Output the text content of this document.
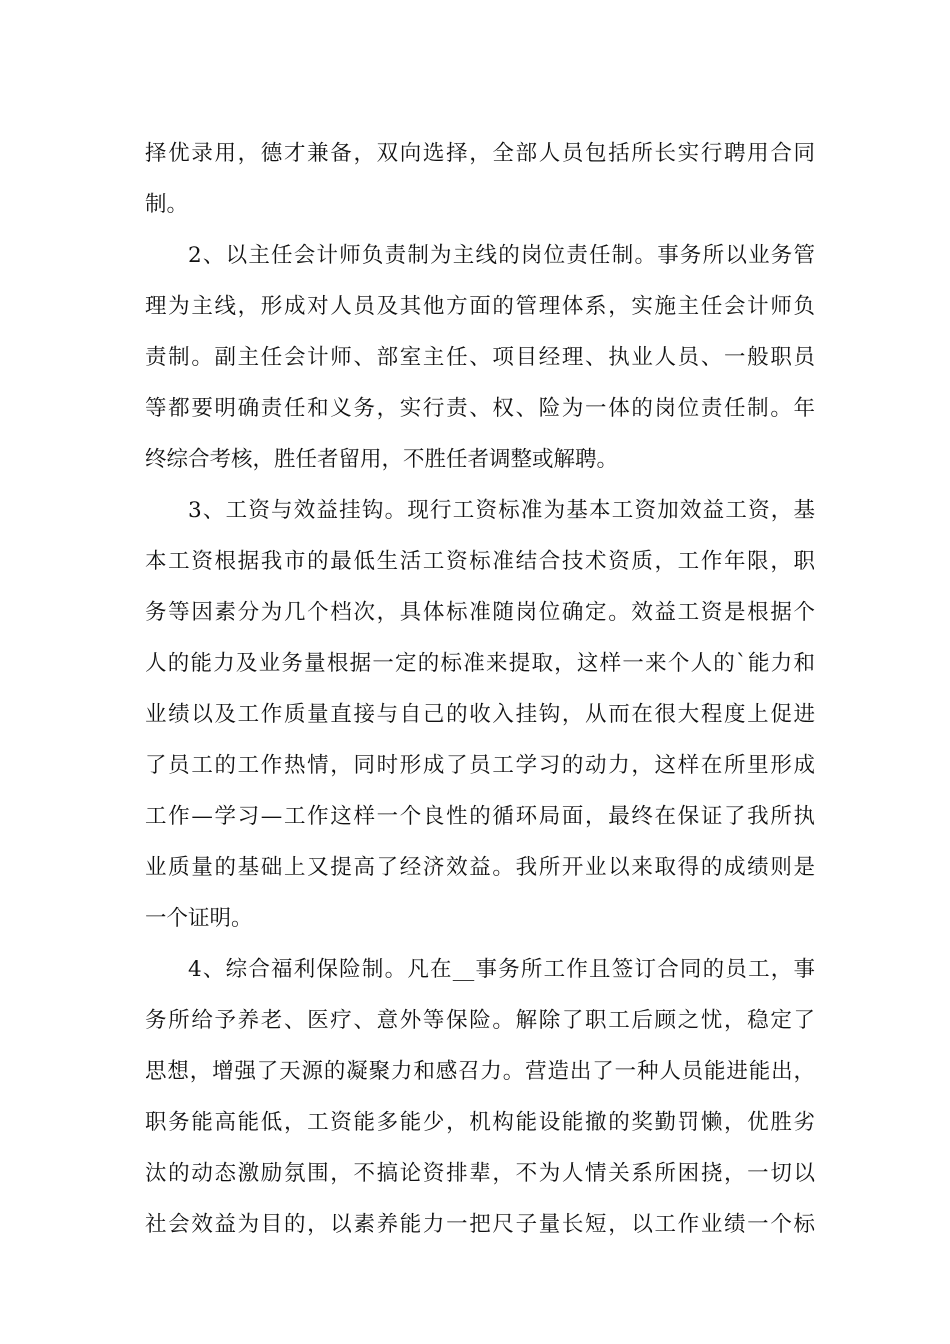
择优录用，德才兼备，双向选择，全部人员包括所长实行聘用合同
制。
2、以主任会计师负责制为主线的岗位责任制。事务所以业务管
理为主线，形成对人员及其他方面的管理体系，实施主任会计师负
责制。副主任会计师、部室主任、项目经理、执业人员、一般职员
等都要明确责任和义务，实行责、权、险为一体的岗位责任制。年
终综合考核，胜任者留用，不胜任者调整或解聘。
3、工资与效益挂钩。现行工资标准为基本工资加效益工资，基
本工资根据我市的最低生活工资标准结合技术资质，工作年限，职
务等因素分为几个档次，具体标准随岗位确定。效益工资是根据个
人的能力及业务量根据一定的标准来提取，这样一来个人的`能力和
业绩以及工作质量直接与自己的收入挂钩，从而在很大程度上促进
了员工的工作热情，同时形成了员工学习的动力，这样在所里形成
工作—学习—工作这样一个良性的循环局面，最终在保证了我所执
业质量的基础上又提高了经济效益。我所开业以来取得的成绩则是
一个证明。
4、综合福利保险制。凡在__事务所工作且签订合同的员工，事
务所给予养老、医疗、意外等保险。解除了职工后顾之忧，稳定了
思想，增强了天源的凝聚力和感召力。营造出了一种人员能进能出，
职务能高能低，工资能多能少，机构能设能撤的奖勤罚懒，优胜劣
汰的动态激励氛围，不搞论资排辈，不为人情关系所困挠，一切以
社会效益为目的，以素养能力一把尺子量长短，以工作业绩一个标
